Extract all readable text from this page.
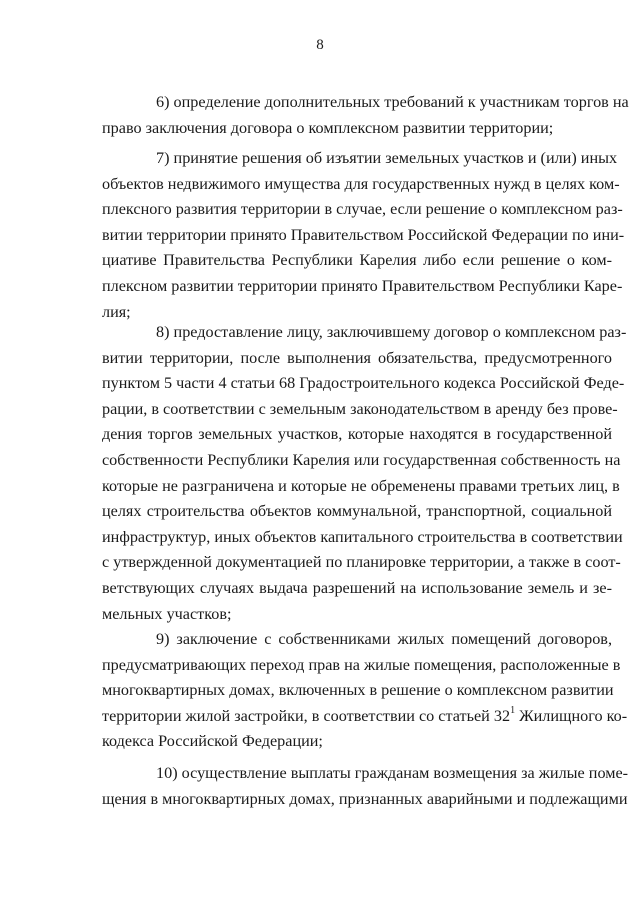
8
6) определение дополнительных требований к участникам торгов на
право заключения договора о комплексном развитии территории;
7) принятие решения об изъятии земельных участков и (или) иных
объектов недвижимого имущества для государственных нужд в целях ком-
плексного развития территории в случае, если решение о комплексном раз-
витии территории принято Правительством Российской Федерации по ини-
циативе Правительства Республики Карелия либо если решение о ком-
плексном развитии территории принято Правительством Республики Каре-
лия;
8) предоставление лицу, заключившему договор о комплексном раз-
витии территории, после выполнения обязательства, предусмотренного
пунктом 5 части 4 статьи 68 Градостроительного кодекса Российской Феде-
рации, в соответствии с земельным законодательством в аренду без прове-
дения торгов земельных участков, которые находятся в государственной
собственности Республики Карелия или государственная собственность на
которые не разграничена и которые не обременены правами третьих лиц, в
целях строительства объектов коммунальной, транспортной, социальной
инфраструктур, иных объектов капитального строительства в соответствии
с утвержденной документацией по планировке территории, а также в соот-
ветствующих случаях выдача разрешений на использование земель и зе-
мельных участков;
9) заключение с собственниками жилых помещений договоров,
предусматривающих переход прав на жилые помещения, расположенные в
многоквартирных домах, включенных в решение о комплексном развитии
территории жилой застройки, в соответствии со статьей $32^1$ Жилищного ко-
кодекса Российской Федерации;
10) осуществление выплаты гражданам возмещения за жилые поме-
щения в многоквартирных домах, признанных аварийными и подлежащими
